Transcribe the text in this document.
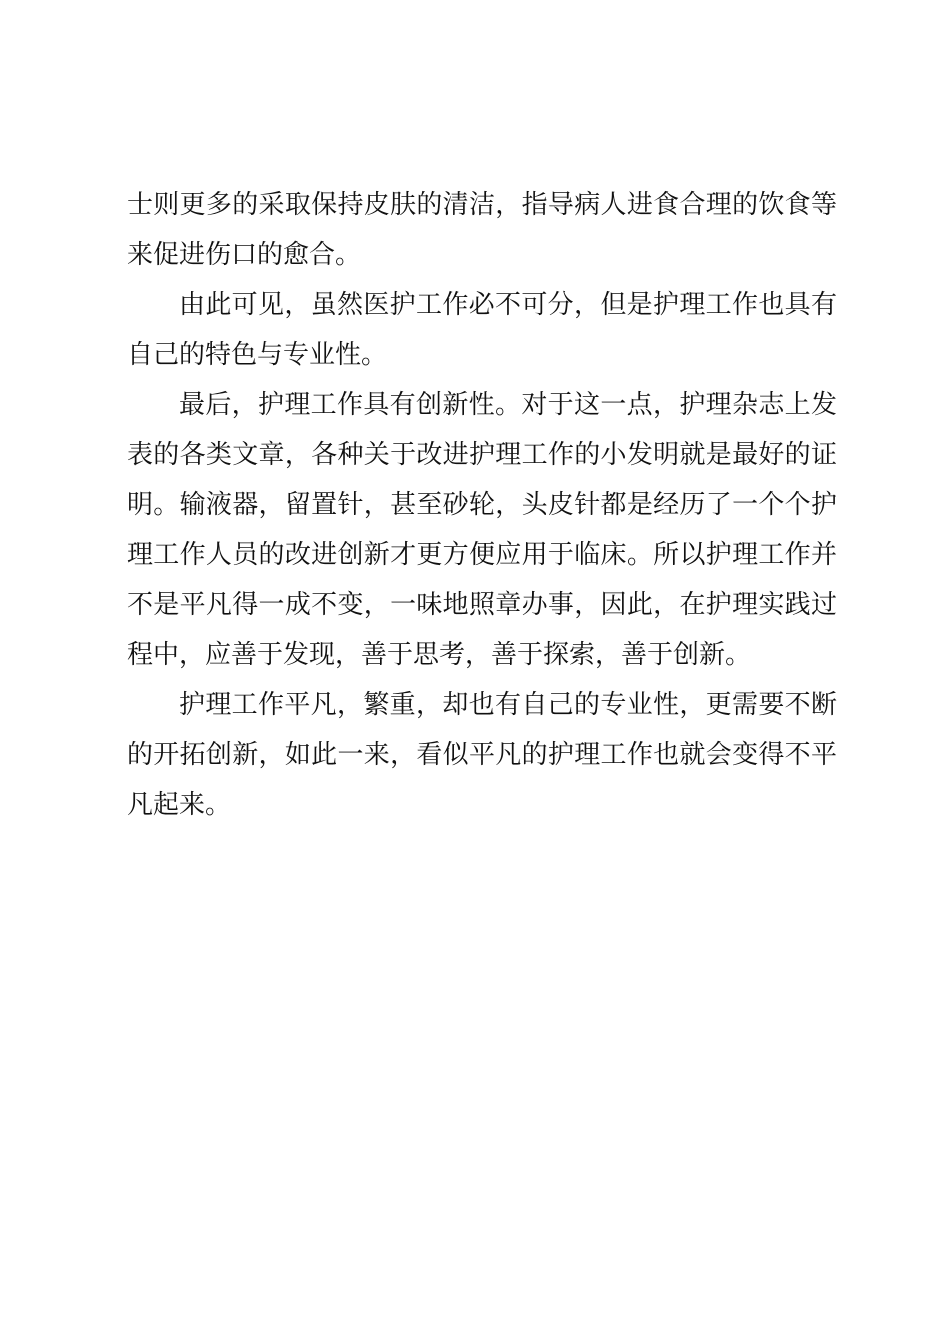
士则更多的采取保持皮肤的清洁，指导病人进食合理的饮食等
来促进伤口的愈合。
由此可见，虽然医护工作必不可分，但是护理工作也具有
自己的特色与专业性。
最后，护理工作具有创新性。对于这一点，护理杂志上发
表的各类文章，各种关于改进护理工作的小发明就是最好的证
明。输液器，留置针，甚至砂轮，头皮针都是经历了一个个护
理工作人员的改进创新才更方便应用于临床。所以护理工作并
不是平凡得一成不变，一味地照章办事，因此，在护理实践过
程中，应善于发现，善于思考，善于探索，善于创新。
护理工作平凡，繁重，却也有自己的专业性，更需要不断
的开拓创新，如此一来，看似平凡的护理工作也就会变得不平
凡起来。
